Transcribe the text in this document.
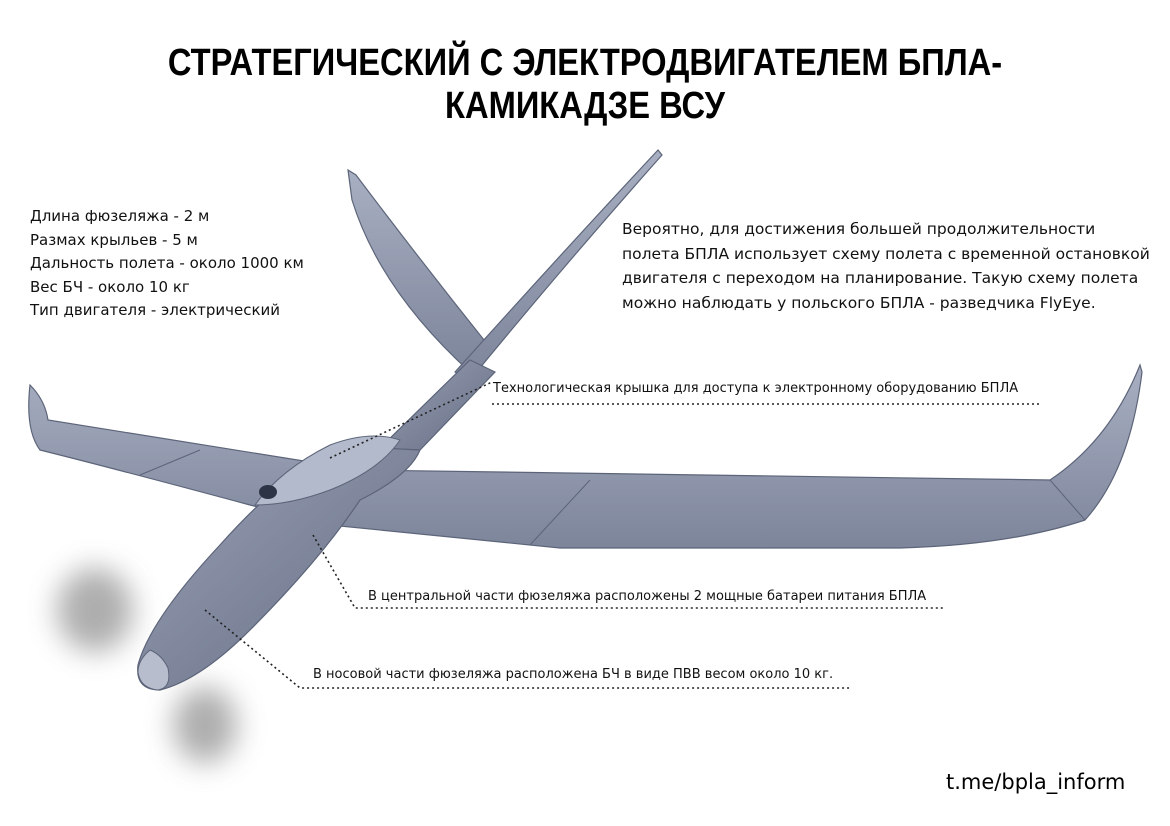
СТРАТЕГИЧЕСКИЙ С ЭЛЕКТРОДВИГАТЕЛЕМ БПЛА-КАМИКАДЗЕ ВСУ
Длина фюзеляжа - 2 м
Размах крыльев - 5 м
Дальность полета - около 1000 км
Вес БЧ - около 10 кг
Тип двигателя - электрический
Вероятно, для достижения большей продолжительности
полета БПЛА использует схему полета с временной остановкой
двигателя с переходом на планирование. Такую схему полета
можно наблюдать у польского БПЛА - разведчика FlyEye.
Технологическая крышка для доступа к электронному оборудованию БПЛА
В центральной части фюзеляжа расположены 2 мощные батареи питания БПЛА
В носовой части фюзеляжа расположена БЧ в виде ПВВ весом около 10 кг.
t.me/bpla_inform
